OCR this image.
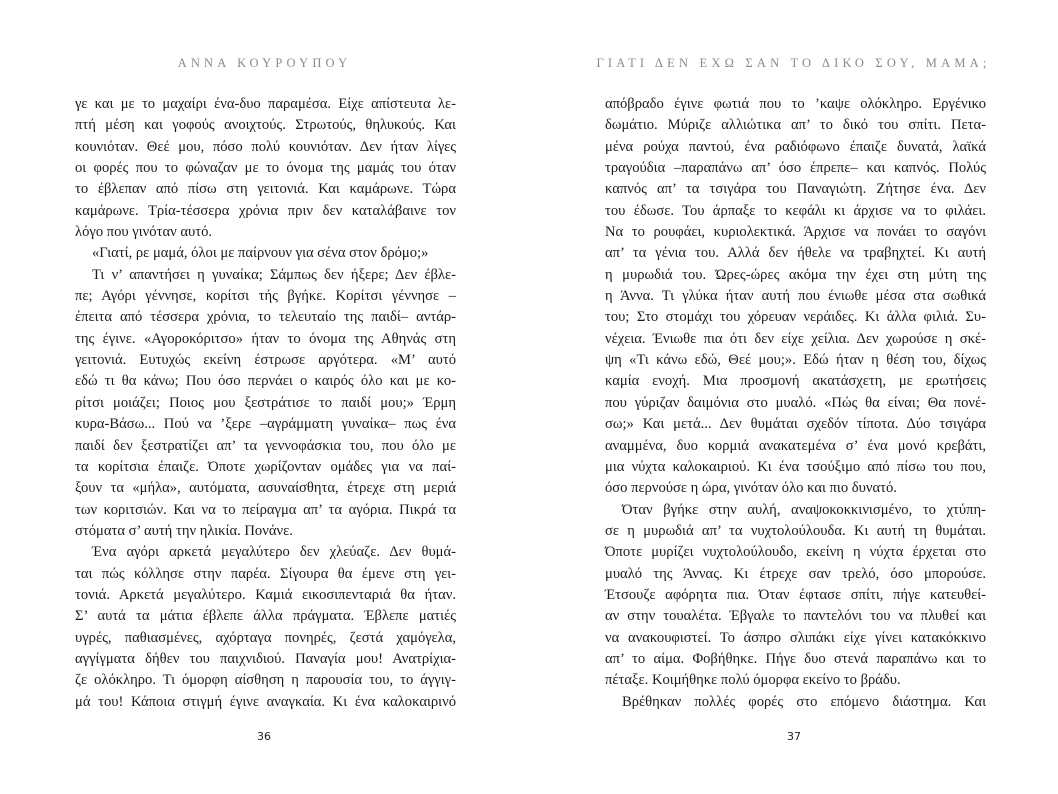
ΑΝΝΑ ΚΟΥΡΟΥΠΟΥ
γε και με το μαχαίρι ένα-δυο παραμέσα. Είχε απίστευτα λε-
πτή μέση και γοφούς ανοιχτούς. Στρωτούς, θηλυκούς. Και
κουνιόταν. Θεέ μου, πόσο πολύ κουνιόταν. Δεν ήταν λίγες
οι φορές που το φώναζαν με το όνομα της μαμάς του όταν
το έβλεπαν από πίσω στη γειτονιά. Και καμάρωνε. Τώρα
καμάρωνε. Τρία-τέσσερα χρόνια πριν δεν καταλάβαινε τον
λόγο που γινόταν αυτό.
«Γιατί, ρε μαμά, όλοι με παίρνουν για σένα στον δρόμο;»
Τι ν’ απαντήσει η γυναίκα; Σάμπως δεν ήξερε; Δεν έβλε-
πε; Αγόρι γέννησε, κορίτσι τής βγήκε. Κορίτσι γέννησε –
έπειτα από τέσσερα χρόνια, το τελευταίο της παιδί– αντάρ-
της έγινε. «Αγοροκόριτσο» ήταν το όνομα της Αθηνάς στη
γειτονιά. Ευτυχώς εκείνη έστρωσε αργότερα. «Μ’ αυτό
εδώ τι θα κάνω; Που όσο περνάει ο καιρός όλο και με κο-
ρίτσι μοιάζει; Ποιος μου ξεστράτισε το παιδί μου;» Έρμη
κυρα-Βάσω... Πού να ’ξερε –αγράμματη γυναίκα– πως ένα
παιδί δεν ξεστρατίζει απ’ τα γεννοφάσκια του, που όλο με
τα κορίτσια έπαιζε. Όποτε χωρίζονταν ομάδες για να παί-
ξουν τα «μήλα», αυτόματα, ασυναίσθητα, έτρεχε στη μεριά
των κοριτσιών. Και να το πείραγμα απ’ τα αγόρια. Πικρά τα
στόματα σ’ αυτή την ηλικία. Πονάνε.
Ένα αγόρι αρκετά μεγαλύτερο δεν χλεύαζε. Δεν θυμά-
ται πώς κόλλησε στην παρέα. Σίγουρα θα έμενε στη γει-
τονιά. Αρκετά μεγαλύτερο. Καμιά εικοσιπενταριά θα ήταν.
Σ’ αυτά τα μάτια έβλεπε άλλα πράγματα. Έβλεπε ματιές
υγρές, παθιασμένες, αχόρταγα πονηρές, ζεστά χαμόγελα,
αγγίγματα δήθεν του παιχνιδιού. Παναγία μου! Ανατρίχια-
ζε ολόκληρο. Τι όμορφη αίσθηση η παρουσία του, το άγγιγ-
μά του! Κάποια στιγμή έγινε αναγκαία. Κι ένα καλοκαιρινό
36
ΓΙΑΤΙ ΔΕΝ ΕΧΩ ΣΑΝ ΤΟ ΔΙΚΟ ΣΟΥ, ΜΑΜΑ;
απόβραδο έγινε φωτιά που το ’καψε ολόκληρο. Εργένικο
δωμάτιο. Μύριζε αλλιώτικα απ’ το δικό του σπίτι. Πετα-
μένα ρούχα παντού, ένα ραδιόφωνο έπαιζε δυνατά, λαϊκά
τραγούδια –παραπάνω απ’ όσο έπρεπε– και καπνός. Πολύς
καπνός απ’ τα τσιγάρα του Παναγιώτη. Ζήτησε ένα. Δεν
του έδωσε. Του άρπαξε το κεφάλι κι άρχισε να το φιλάει.
Να το ρουφάει, κυριολεκτικά. Άρχισε να πονάει το σαγόνι
απ’ τα γένια του. Αλλά δεν ήθελε να τραβηχτεί. Κι αυτή
η μυρωδιά του. Ώρες-ώρες ακόμα την έχει στη μύτη της
η Άννα. Τι γλύκα ήταν αυτή που ένιωθε μέσα στα σωθικά
του; Στο στομάχι του χόρευαν νεράιδες. Κι άλλα φιλιά. Συ-
νέχεια. Ένιωθε πια ότι δεν είχε χείλια. Δεν χωρούσε η σκέ-
ψη «Τι κάνω εδώ, Θεέ μου;». Εδώ ήταν η θέση του, δίχως
καμία ενοχή. Μια προσμονή ακατάσχετη, με ερωτήσεις
που γύριζαν δαιμόνια στο μυαλό. «Πώς θα είναι; Θα πονέ-
σω;» Και μετά... Δεν θυμάται σχεδόν τίποτα. Δύο τσιγάρα
αναμμένα, δυο κορμιά ανακατεμένα σ’ ένα μονό κρεβάτι,
μια νύχτα καλοκαιριού. Κι ένα τσούξιμο από πίσω του που,
όσο περνούσε η ώρα, γινόταν όλο και πιο δυνατό.
Όταν βγήκε στην αυλή, αναψοκοκκινισμένο, το χτύπη-
σε η μυρωδιά απ’ τα νυχτολούλουδα. Κι αυτή τη θυμάται.
Όποτε μυρίζει νυχτολούλουδο, εκείνη η νύχτα έρχεται στο
μυαλό της Άννας. Κι έτρεχε σαν τρελό, όσο μπορούσε.
Έτσουζε αφόρητα πια. Όταν έφτασε σπίτι, πήγε κατευθεί-
αν στην τουαλέτα. Έβγαλε το παντελόνι του να πλυθεί και
να ανακουφιστεί. Το άσπρο σλιπάκι είχε γίνει κατακόκκινο
απ’ το αίμα. Φοβήθηκε. Πήγε δυο στενά παραπάνω και το
πέταξε. Κοιμήθηκε πολύ όμορφα εκείνο το βράδυ.
Βρέθηκαν πολλές φορές στο επόμενο διάστημα. Και
37
